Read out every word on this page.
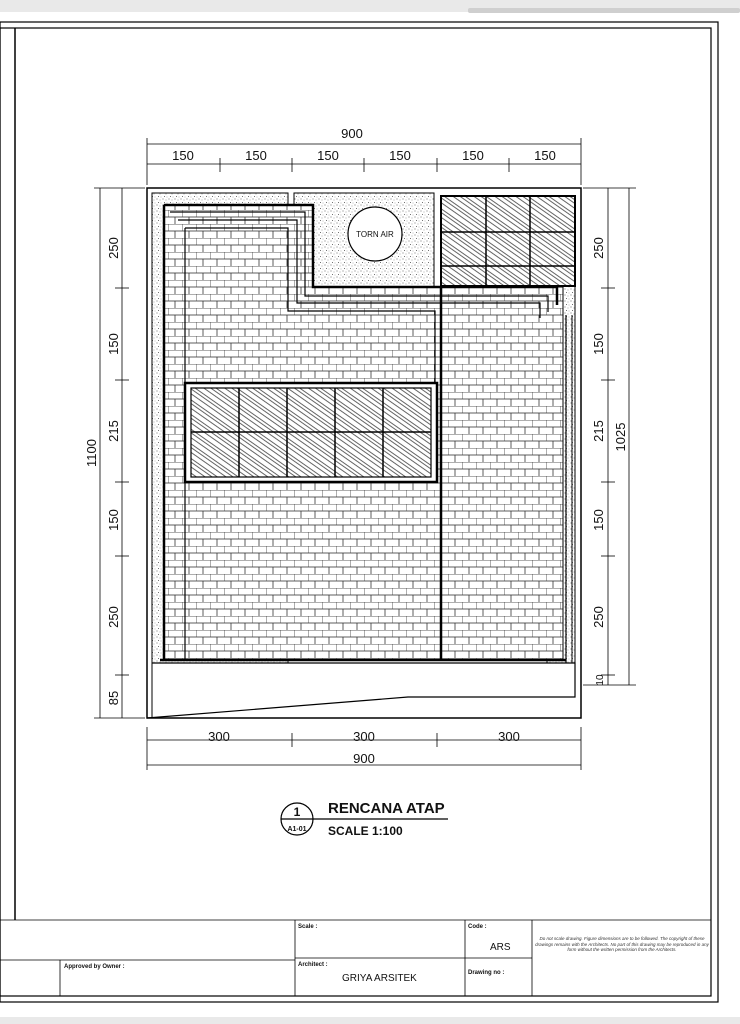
TORN AIR
900
150	150	150	150	150	150
300	300	300
900
1100
250
150
215
150
250
85
250
150
215
150
250
10
1025
1
A1-01
RENCANA ATAP
SCALE 1:100
Approved by Owner :
Scale :
Architect :
GRIYA ARSITEK
Code :
ARS
Drawing no :
Do not scale drawing. Figure dimensions are to be followed. The copyright of these drawings remains with the Architects. No part of this drawing may be reproduced in any form without the written permission from the Architects.
